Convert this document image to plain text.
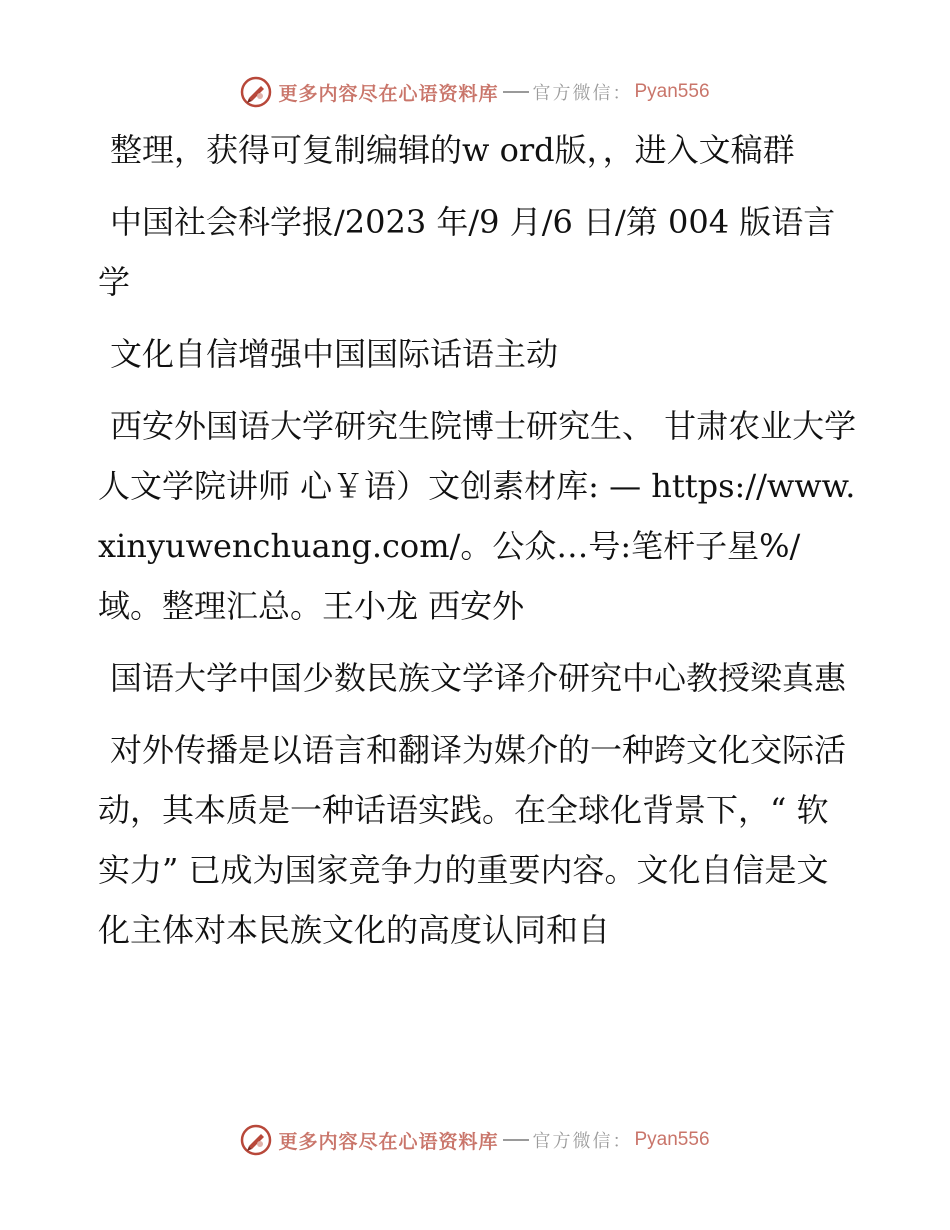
更多内容尽在心语资料库 官方微信： Pyan556

整理，获得可复制编辑的w ord版，，进入文稿群

中国社会科学报/2023 年/9 月/6 日/第 004 版语言学

文化自信增强中国国际话语主动

西安外国语大学研究生院博士研究生、 甘肃农业大学人文学院讲师 心￥语）文创素材库: — https://www.xinyuwenchuang.com/。公众…号:笔杆子星%/域。整理汇总。王小龙 西安外

国语大学中国少数民族文学译介研究中心教授梁真惠

对外传播是以语言和翻译为媒介的一种跨文化交际活动，其本质是一种话语实践。在全球化背景下，“ 软实力” 已成为国家竞争力的重要内容。文化自信是文化主体对本民族文化的高度认同和自

更多内容尽在心语资料库 官方微信： Pyan556
